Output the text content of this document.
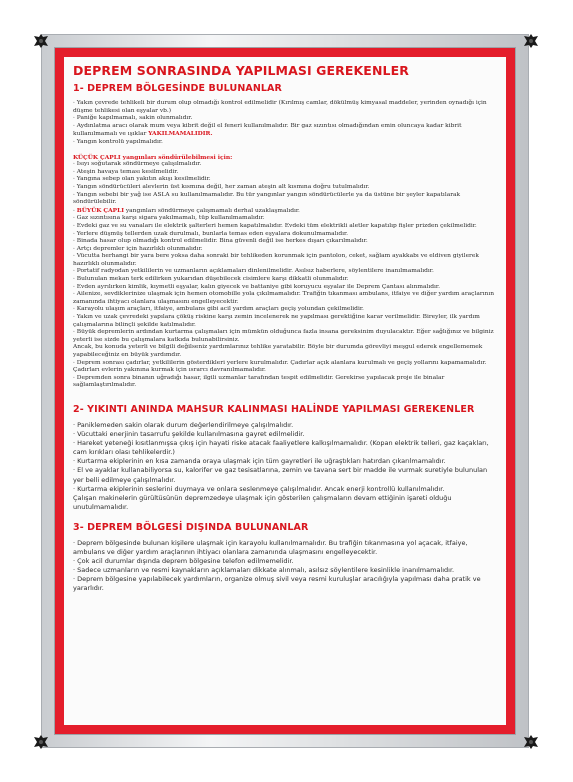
DEPREM SONRASINDA YAPILMASI GEREKENLER
1- DEPREM BÖLGESİNDE BULUNANLAR

· Yakın çevrede tehlikeli bir durum olup olmadığı kontrol edilmelidir (Kırılmış camlar, dökülmüş kimyasal maddeler, yerinden oynadığı için düşme tehlikesi olan eşyalar vb.)

· Paniğe kapılmamalı, sakin olunmalıdır.

· Aydınlatma aracı olarak mum veya kibrit değil el feneri kullanılmalıdır. Bir gaz sızıntısı olmadığından emin oluncaya kadar kibrit kullanılmamalı ve ışıklar YAKILMAMALIDIR.

· Yangın kontrolü yapılmalıdır.

KÜÇÜK ÇAPLI yangınları söndürülebilmesi için:

· Isıyı soğutarak söndürmeye çalışılmalıdır.

· Ateşin havaya teması kesilmelidir.

· Yangına sebep olan yakıtın akışı kesilmelidir.

· Yangın söndürücüleri alevlerin üst kısmına değil, her zaman ateşin alt kısmına doğru tutulmalıdır.

· Yangın sebebi bir yağ ise ASLA su kullanılmamalıdır. Bu tür yangınlar yangın söndürücülerle ya da üstüne bir şeyler kapatılarak söndürülebilir.

· BÜYÜK ÇAPLI yangınları söndürmeye çalışmamalı derhal uzaklaşmalıdır.

· Gaz sızıntısına karşı sigara yakılmamalı, tüp kullanılmamalıdır.

· Evdeki gaz ve su vanaları ile elektrik şalterleri hemen kapatılmalıdır. Evdeki tüm elektrikli aletler kapatılıp fişler prizden çekilmelidir.

· Yerlere düşmüş tellerden uzak durulmalı, bunlarla temas eden eşyalara dokunulmamalıdır.

· Binada hasar olup olmadığı kontrol edilmelidir. Bina güvenli değil ise herkes dışarı çıkarılmalıdır.

· Artçı depremler için hazırlıklı olunmalıdır.

· Vücutta herhangi bir yara bere yoksa daha sonraki bir tehlikeden korunmak için pantolon, ceket, sağlam ayakkabı ve eldiven giyilerek hazırlıklı olunmalıdır.

· Portatif radyodan yetkililerin ve uzmanların açıklamaları dinlenilmelidir. Asılsız haberlere, söylentilere inanılmamalıdır.

· Bulunulan mekan terk edilirken yukarıdan düşebilecek cisimlere karşı dikkatli olunmalıdır.

· Evden ayrılırken kimlik, kıymetli eşyalar, kalın giyecek ve battaniye gibi koruyucu eşyalar ile Deprem Çantası alınmalıdır.

· Ailenize, sevdiklerinize ulaşmak için hemen otomobille yola çıkılmamalıdır. Trafiğin tıkanması ambulans, itfaiye ve diğer yardım araçlarının zamanında ihtiyacı olanlara ulaşmasını engelleyecektir.

· Karayolu ulaşım araçları, itfaiye, ambulans gibi acil yardım araçları geçiş yolundan çekilmelidir.

· Yakın ve uzak çevredeki yapılara çöküş riskine karşı zemin incelenerek ne yapılması gerektiğine karar verilmelidir. Bireyler, ilk yardım çalışmalarına bilinçli şekilde katılmalıdır.

· Büyük depremlerin ardından kurtarma çalışmaları için mümkün olduğunca fazla insana gereksinim duyulacaktır. Eğer sağlığınız ve bilginiz yeterli ise sizde bu çalışmalara katkıda bulunabilirsiniz.

Ancak, bu konuda yeterli ve bilgili değilseniz yardımlarınız tehlike yaratabilir. Böyle bir durumda görevliyi meşgul ederek engellememek yapabileceğiniz en büyük yardımdır.

· Deprem sonrası çadırlar, yetkililerin gösterdikleri yerlere kurulmalıdır. Çadırlar açık alanlara kurulmalı ve geçiş yollarını kapamamalıdır. Çadırları evlerin yakınına kurmak için ısrarcı davranılmamalıdır.

· Depremden sonra binanın uğradığı hasar, ilgili uzmanlar tarafından tespit edilmelidir. Gerekirse yapılacak proje ile binalar sağlamlaştırılmalıdır.

2- YIKINTI ANINDA MAHSUR KALINMASI HALİNDE YAPILMASI GEREKENLER

· Paniklemeden sakin olarak durum değerlendirilmeye çalışılmalıdır.

· Vücuttaki enerjinin tasarrufu şekilde kullanılmasına gayret edilmelidir.

· Hareket yeteneği kısıtlanmışsa çıkış için hayati riske atacak faaliyetlere kalkışılmamalıdır. (Kopan elektrik telleri, gaz kaçakları, cam kırıkları olası tehlikelerdir.)

· Kurtarma ekiplerinin en kısa zamanda oraya ulaşmak için tüm gayretleri ile uğraştıkları hatırdan çıkarılmamalıdır.

· El ve ayaklar kullanabiliyorsa su, kalorifer ve gaz tesisatlarına, zemin ve tavana sert bir madde ile vurmak suretiyle bulunulan yer belli edilmeye çalışılmalıdır.

· Kurtarma ekiplerinin seslerini duymaya ve onlara seslenmeye çalışılmalıdır. Ancak enerji kontrollü kullanılmalıdır.

Çalışan makinelerin gürültüsünün depremzedeye ulaşmak için gösterilen çalışmaların devam ettiğinin işareti olduğu unutulmamalıdır.

3- DEPREM BÖLGESİ DIŞINDA BULUNANLAR

· Deprem bölgesinde bulunan kişilere ulaşmak için karayolu kullanılmamalıdır. Bu trafiğin tıkanmasına yol açacak, itfaiye, ambulans ve diğer yardım araçlarının ihtiyacı olanlara zamanında ulaşmasını engelleyecektir.

· Çok acil durumlar dışında deprem bölgesine telefon edilmemelidir.

· Sadece uzmanların ve resmi kaynakların açıklamaları dikkate alınmalı, asılsız söylentilere kesinlikle inanılmamalıdır.

· Deprem bölgesine yapılabilecek yardımların, organize olmuş sivil veya resmi kuruluşlar aracılığıyla yapılması daha pratik ve yararlıdır.
